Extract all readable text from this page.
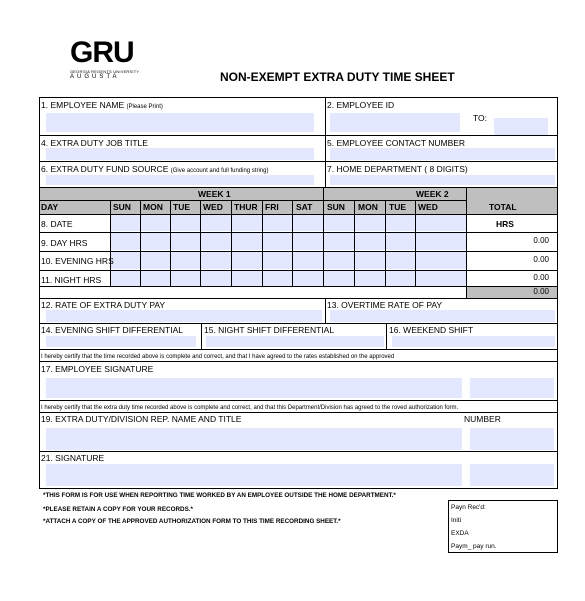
GRU
GEORGIA REGENTS UNIVERSITY
AUGUSTA	NON-EXEMPT EXTRA DUTY TIME SHEET
1. EMPLOYEE NAME (Please Print)	2. EMPLOYEE ID
TO:
4. EXTRA DUTY JOB TITLE	5. EMPLOYEE CONTACT NUMBER
6. EXTRA DUTY FUND SOURCE (Give account and full funding string)	7. HOME DEPARTMENT ( 8 DIGITS)
WEEK 1	WEEK 2
DAY	SUN MON TUE WED THUR FRI SAT SUN MON TUE WED	TOTAL
HRS
8. DATE
9. DAY HRS	0.00
10. EVENING HRS	0.00
11. NIGHT HRS	0.00
0.00
12. RATE OF EXTRA DUTY PAY	13. OVERTIME RATE OF PAY
14. EVENING SHIFT DIFFERENTIAL 15. NIGHT SHIFT DIFFERENTIAL	16. WEEKEND SHIFT
I hereby certify that the time recorded above is complete and correct, and that I have agreed to the rates established on the approved
17. EMPLOYEE SIGNATURE
I hereby certify that the extra duty time recorded above is complete and correct, and that this Department/Division has agreed to the roved authorization form.
19. EXTRA DUTY/DIVISION REP. NAME AND TITLE	NUMBER
21. SIGNATURE
*THIS FORM IS FOR USE WHEN REPORTING TIME WORKED BY AN EMPLOYEE OUTSIDE THE HOME DEPARTMENT.*
*PLEASE RETAIN A COPY FOR YOUR RECORDS.*
*ATTACH A COPY OF THE APPROVED AUTHORIZATION FORM TO THIS TIME RECORDING SHEET.*
Payn Rec'd:
Initi
EXDA
Paym_ pay run.
